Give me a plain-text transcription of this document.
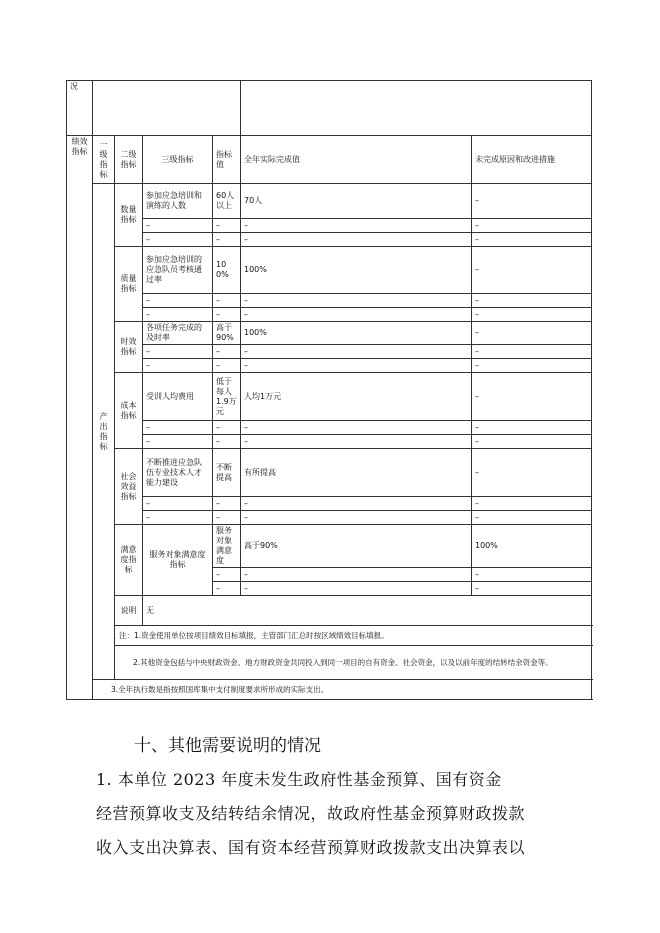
况							
绩效指标	一级指标	二级指标	三级指标	指标值	全年实际完成值	未完成原因和改进措施	
	产出指标	数量指标	参加应急培训和演练的人数	60人以上	70人	–	
			–	–	–	–	
			–	–	–	–	
		质量指标	参加应急培训的应急队员考核通过率	100%	100%	–	
			–	–	–	–	
			–	–	–	–	
		时效指标	各项任务完成的及时率	高于90%	100%	–	
			–	–	–	–	
			–	–	–	–	
		成本指标	受训人均费用	低于每人1.9万元	人均1万元	–	
			–	–	–	–	
			–	–	–	–	
		社会效益指标	不断推进应急队伍专业技术人才能力建设	不断提高	有所提高	–	
			–	–	–	–	
			–	–	–	–	
		满意度指标	服务对象满意度指标	服务对象满意度	高于90%	100%	
				–	–	–	
				–	–	–	
		说明	无				
		注：1.资金使用单位按项目绩效目标填报，主管部门汇总时按区域绩效目标填报。					
		2.其他资金包括与中央财政资金、地方财政资金共同投入到同一项目的自有资金、社会资金，以及以前年度的结转结余资金等。					
	3.全年执行数是指按照国库集中支付制度要求所形成的实际支出。						
十、其他需要说明的情况
1. 本单位 2023 年度未发生政府性基金预算、国有资金
经营预算收支及结转结余情况，故政府性基金预算财政拨款
收入支出决算表、国有资本经营预算财政拨款支出决算表以
